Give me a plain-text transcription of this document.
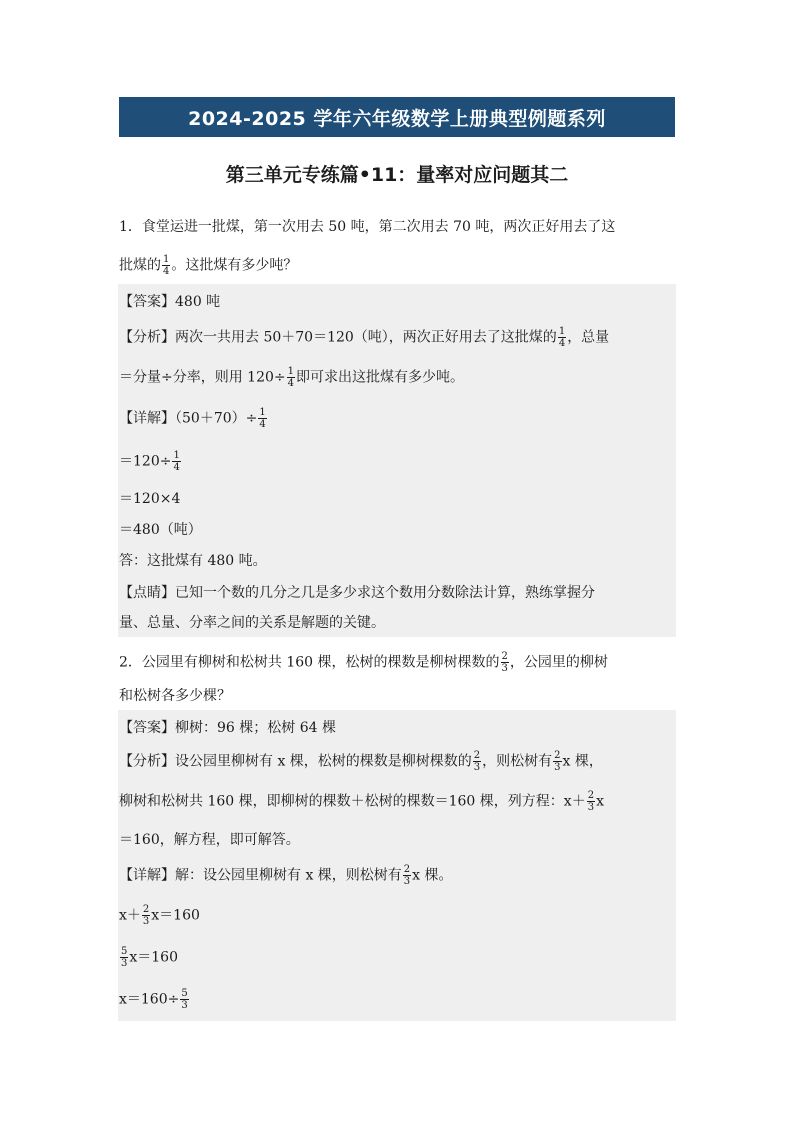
2024-2025 学年六年级数学上册典型例题系列
第三单元专练篇•11：量率对应问题其二
1．食堂运进一批煤，第一次用去 50 吨，第二次用去 70 吨，两次正好用去了这
批煤的 $\frac{1}{4}$ 。这批煤有多少吨？
【答案】480 吨
【分析】两次一共用去 50＋70＝120（吨），两次正好用去了这批煤的 $\frac{1}{4}$ ，总量
＝分量÷分率，则用 $120\div \frac{1}{4}$ 即可求出这批煤有多少吨。
【详解】$(50+70)\div \frac{1}{4}$
$=120\div \frac{1}{4}$
＝120×4
＝480（吨）
答：这批煤有 480 吨。
【点睛】已知一个数的几分之几是多少求这个数用分数除法计算，熟练掌握分
量、总量、分率之间的关系是解题的关键。
2．公园里有柳树和松树共 160 棵，松树的棵数是柳树棵数的 $\frac{2}{3}$ ，公园里的柳树
和松树各多少棵？
【答案】柳树：96 棵；松树 64 棵
【分析】设公园里柳树有 x 棵，松树的棵数是柳树棵数的 $\frac{2}{3}$ ，则松树有 $\frac{2}{3}$ x 棵，
柳树和松树共 160 棵，即柳树的棵数＋松树的棵数＝160 棵，列方程：$x+ \frac{2}{3}$ x
＝160，解方程，即可解答。
【详解】解：设公园里柳树有 x 棵，则松树有 $\frac{2}{3}$ x 棵。
$x+ \frac{2}{3} x=160$
$\frac{5}{3} x=160$
$x=160\div \frac{5}{3}$
